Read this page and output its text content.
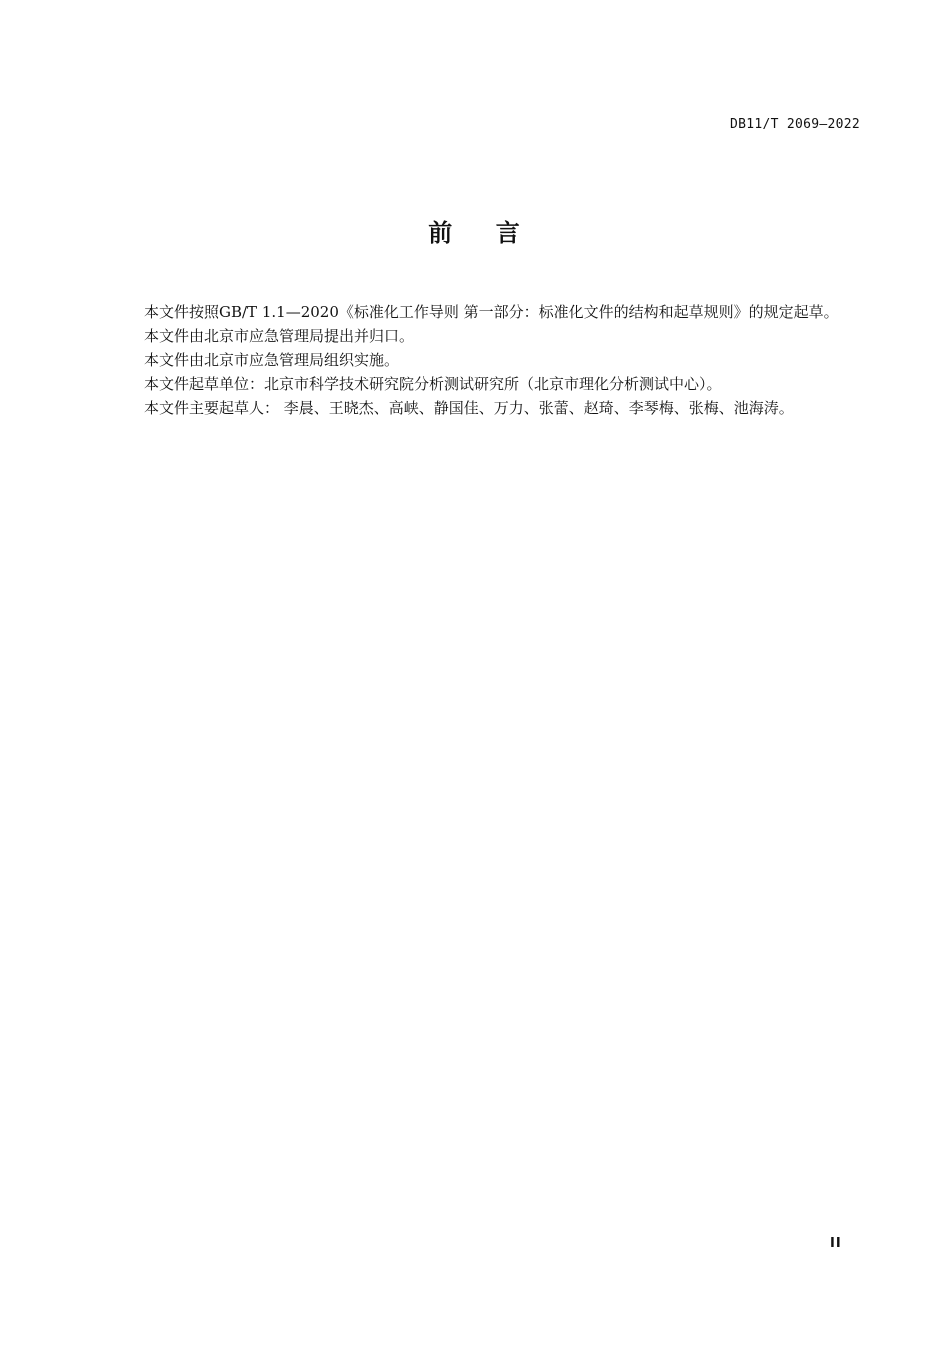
DB11/T 2069—2022
前    言

本文件按照GB/T 1.1—2020《标准化工作导则 第一部分：标准化文件的结构和起草规则》的规定起草。

本文件由北京市应急管理局提出并归口。

本文件由北京市应急管理局组织实施。

本文件起草单位：北京市科学技术研究院分析测试研究所（北京市理化分析测试中心）。

本文件主要起草人： 李晨、王晓杰、高峡、静国佳、万力、张蕾、赵琦、李琴梅、张梅、池海涛。

II
